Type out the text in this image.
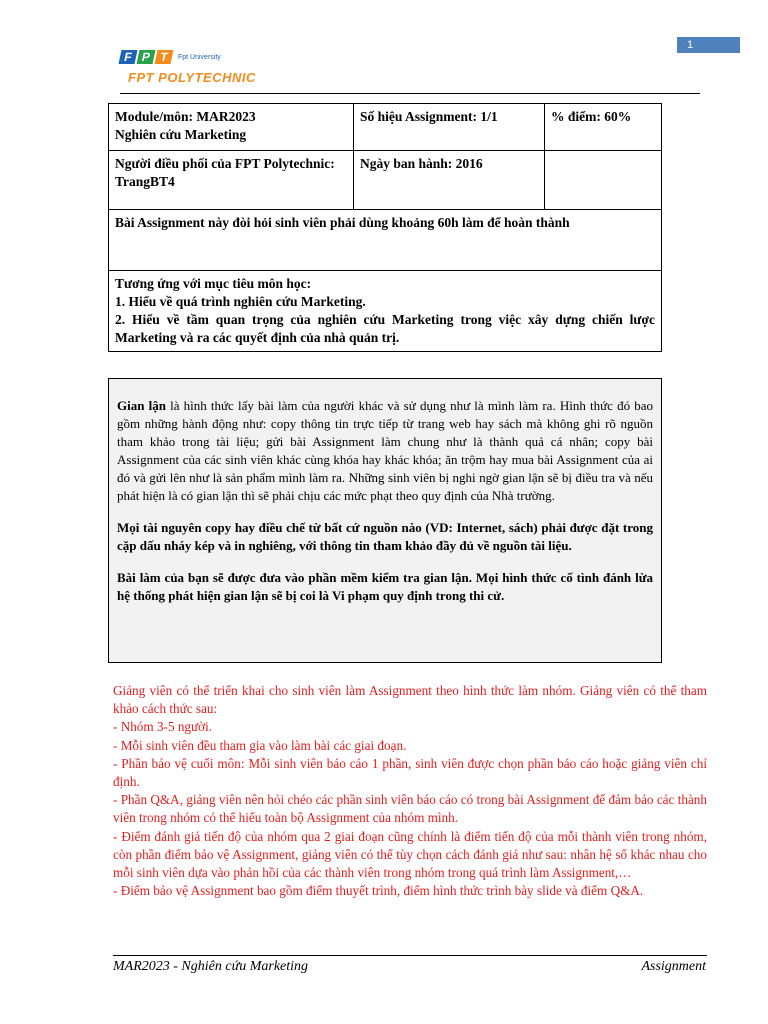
F P T	Fpt University
FPT POLYTECHNIC
1
Module/môn: MAR2023
Nghiên cứu Marketing	Số hiệu Assignment: 1/1	% điểm: 60%
Người điều phối của FPT Polytechnic: TrangBT4	Ngày ban hành: 2016	
Bài Assignment này đòi hỏi sinh viên phải dùng khoảng 60h làm để hoàn thành		

Tương ứng với mục tiêu môn học:
1. Hiểu về quá trình nghiên cứu Marketing.
2. Hiểu về tầm quan trọng của nghiên cứu Marketing trong việc xây dựng chiến lược Marketing và ra các quyết định của nhà quản trị.		

Gian lận là hình thức lấy bài làm của người khác và sử dụng như là mình làm ra. Hình thức đó bao gồm những hành động như: copy thông tin trực tiếp từ trang web hay sách mà không ghi rõ nguồn tham khảo trong tài liệu; gửi bài Assignment làm chung như là thành quả cá nhân; copy bài Assignment của các sinh viên khác cùng khóa hay khác khóa; ăn trộm hay mua bài Assignment của ai đó và gửi lên như là sản phẩm mình làm ra. Những sinh viên bị nghi ngờ gian lận sẽ bị điều tra và nếu phát hiện là có gian lận thì sẽ phải chịu các mức phạt theo quy định của Nhà trường.

Mọi tài nguyên copy hay điều chế từ bất cứ nguồn nào (VD: Internet, sách) phải được đặt trong cặp dấu nháy kép và in nghiêng, với thông tin tham khảo đầy đủ về nguồn tài liệu.

Bài làm của bạn sẽ được đưa vào phần mềm kiểm tra gian lận. Mọi hình thức cố tình đánh lừa hệ thống phát hiện gian lận sẽ bị coi là Vi phạm quy định trong thi cử.

Giảng viên có thể triển khai cho sinh viên làm Assignment theo hình thức làm nhóm. Giảng viên có thể tham khảo cách thức sau:
- Nhóm 3-5 người.
- Mỗi sinh viên đều tham gia vào làm bài các giai đoạn.
- Phần bảo vệ cuối môn: Mỗi sinh viên báo cáo 1 phần, sinh viên được chọn phần báo cáo hoặc giảng viên chỉ định.
- Phần Q&A, giảng viên nên hỏi chéo các phần sinh viên báo cáo có trong bài Assignment để đảm bảo các thành viên trong nhóm có thể hiểu toàn bộ Assignment của nhóm mình.
- Điểm đánh giá tiến độ của nhóm qua 2 giai đoạn cũng chính là điểm tiến độ của mỗi thành viên trong nhóm, còn phần điểm bảo vệ Assignment, giảng viên có thể tùy chọn cách đánh giá như sau: nhân hệ số khác nhau cho mỗi sinh viên dựa vào phản hồi của các thành viên trong nhóm trong quá trình làm Assignment,…
- Điểm bảo vệ Assignment bao gồm điểm thuyết trình, điểm hình thức trình bày slide và điểm Q&A.
MAR2023 - Nghiên cứu Marketing	Assignment
